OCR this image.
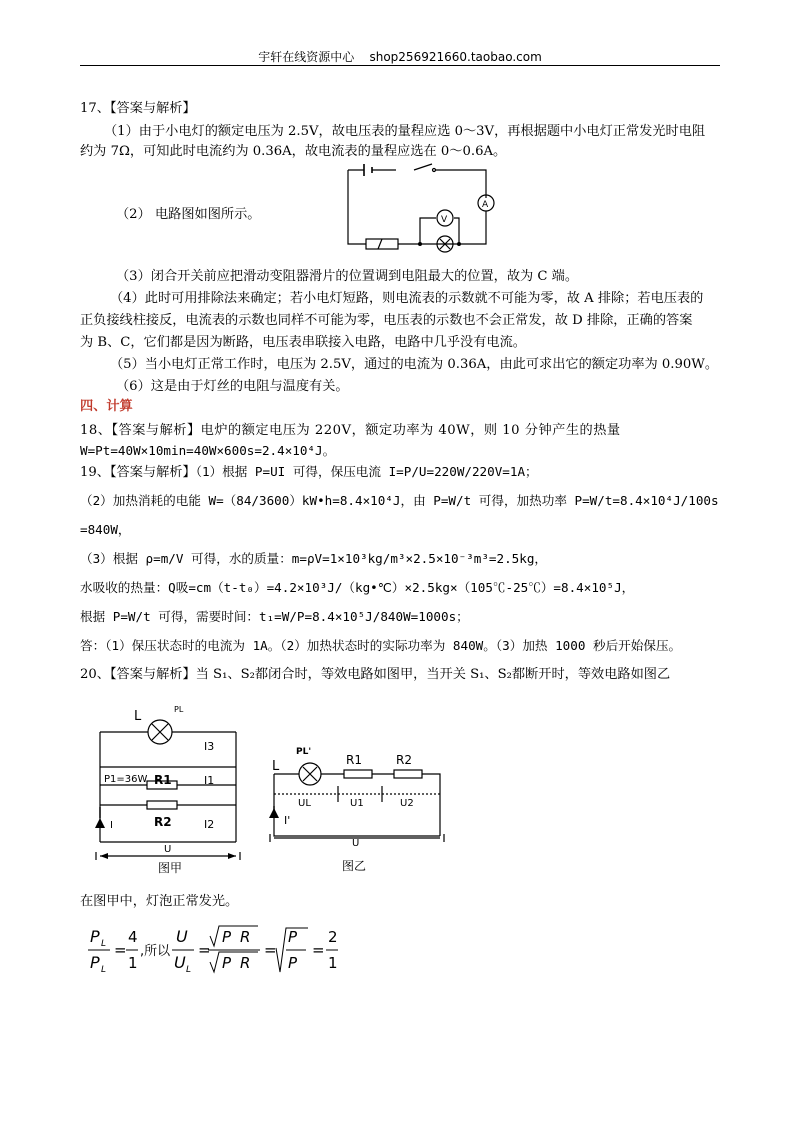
宇轩在线资源中心 shop256921660.taobao.com
17、【答案与解析】
（1）由于小电灯的额定电压为 2.5V，故电压表的量程应选 0～3V，再根据题中小电灯正常发光时电阻
约为 7Ω，可知此时电流约为 0.36A，故电流表的量程应选在 0～0.6A。
（2） 电路图如图所示。	V
A
（3）闭合开关前应把滑动变阻器滑片的位置调到电阻最大的位置，故为 C 端。
（4）此时可用排除法来确定；若小电灯短路，则电流表的示数就不可能为零，故 A 排除；若电压表的
正负接线柱接反，电流表的示数也同样不可能为零，电压表的示数也不会正常发，故 D 排除，正确的答案
为 B、C，它们都是因为断路，电压表串联接入电路，电路中几乎没有电流。
（5）当小电灯正常工作时，电压为 2.5V，通过的电流为 0.36A，由此可求出它的额定功率为 0.90W。
（6）这是由于灯丝的电阻与温度有关。
四、计算
18、【答案与解析】电炉的额定电压为 220V，额定功率为 40W，则 10 分钟产生的热量
W=Pt=40W×10min=40W×600s=2.4×10⁴J。
19、【答案与解析】（1）根据 P=UI 可得，保压电流 I=P/U=220W/220V=1A；
（2）加热消耗的电能 W=（84/3600）kW•h=8.4×10⁴J，由 P=W/t 可得，加热功率 P=W/t=8.4×10⁴J/100s
=840W，
（3）根据 ρ=m/V 可得，水的质量：m=ρV=1×10³kg/m³×2.5×10⁻³m³=2.5kg，
水吸收的热量：Q吸=cm（t-t₀）=4.2×10³J/（kg•℃）×2.5kg×（105℃-25℃）=8.4×10⁵J，
根据 P=W/t 可得，需要时间：t₁=W/P=8.4×10⁵J/840W=1000s；
答：（1）保压状态时的电流为 1A。（2）加热状态时的实际功率为 840W。（3）加热 1000 秒后开始保压。
20、【答案与解析】当 S₁、S₂都闭合时，等效电路如图甲，当开关 S₁、S₂都断开时，等效电路如图乙
L	PL
I3
P1=36W R1	I1
I	R2	I2
U
图甲
L
PL'
R1	R2
UL	U1	U2
I'
U
图乙
在图甲中，灯泡正常发光。
P
P
L
L
=
4
1
,所以
U
U L
=
P R
P R
=
P
P
=
2
1
